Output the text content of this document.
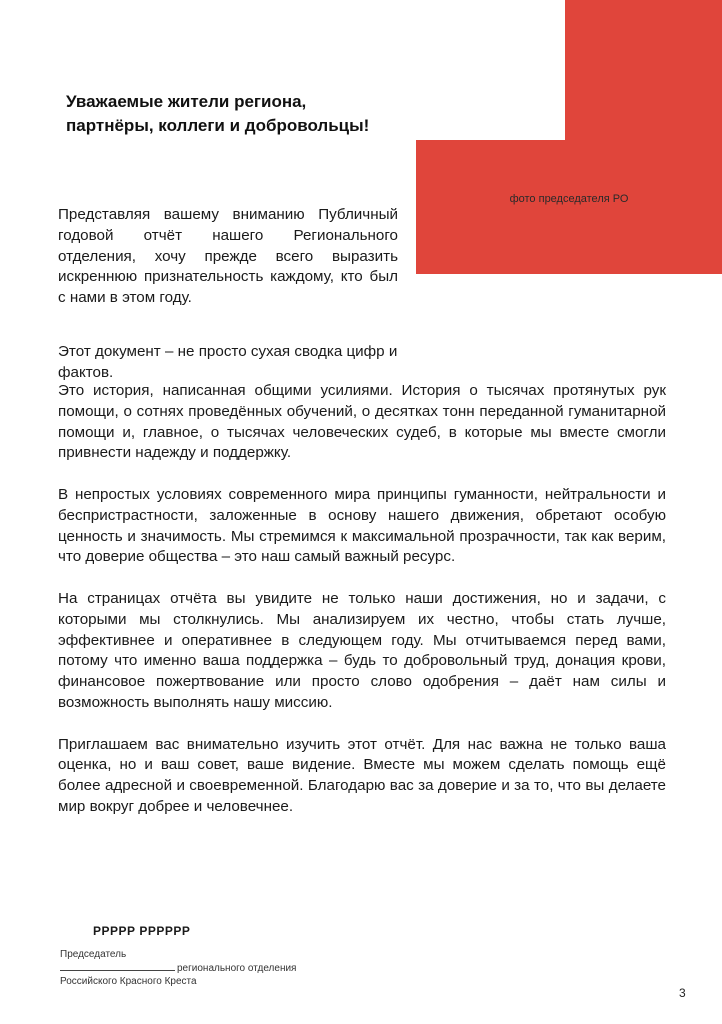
фото председателя РО
Уважаемые жители региона, партнёры, коллеги и добровольцы!

Представляя вашему вниманию Публичный годовой отчёт нашего Регионального отделения, хочу прежде всего выразить искреннюю признательность каждому, кто был с нами в этом году.

Этот документ – не просто сухая сводка цифр и фактов.

Это история, написанная общими усилиями. История о тысячах протянутых рук помощи, о сотнях проведённых обучений, о десятках тонн переданной гуманитарной помощи и, главное, о тысячах человеческих судеб, в которые мы вместе смогли привнести надежду и поддержку.

В непростых условиях современного мира принципы гуманности, нейтральности и беспристрастности, заложенные в основу нашего движения, обретают особую ценность и значимость. Мы стремимся к максимальной прозрачности, так как верим, что доверие общества – это наш самый важный ресурс.

На страницах отчёта вы увидите не только наши достижения, но и задачи, с которыми мы столкнулись. Мы анализируем их честно, чтобы стать лучше, эффективнее и оперативнее в следующем году. Мы отчитываемся перед вами, потому что именно ваша поддержка – будь то добровольный труд, донация крови, финансовое пожертвование или просто слово одобрения – даёт нам силы и возможность выполнять нашу миссию.

Приглашаем вас внимательно изучить этот отчёт. Для нас важна не только ваша оценка, но и ваш совет, ваше видение. Вместе мы можем сделать помощь ещё более адресной и своевременной. Благодарю вас за доверие и за то, что вы делаете мир вокруг добрее и человечнее.

РРРРР РРРРРР
Председатель
регионального отделения
Российского Красного Креста
3
